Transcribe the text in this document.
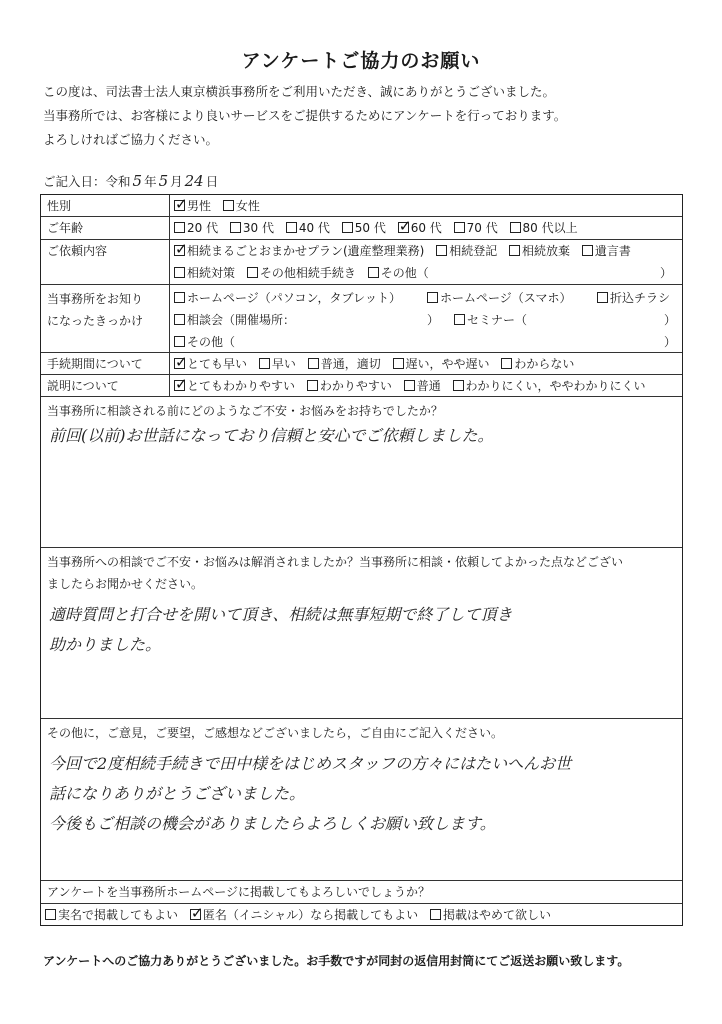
アンケートご協力のお願い
この度は、司法書士法人東京横浜事務所をご利用いただき、誠にありがとうございました。
当事務所では、お客様により良いサービスをご提供するためにアンケートを行っております。
よろしければご協力ください。
ご記入日：令和 5 年 5 月 24 日
性別 ✓	男性 女性
ご年齢	20 代 30 代 40 代 50 代 ✓ 60 代 70 代 80 代以上
ご依頼内容 ✓	相続まるごとおまかせプラン(遺産整理業務) 相続登記 相続放棄 遺言書
相続対策 その他相続手続き その他（	）
当事務所をお知り
になったきっかけ
ホームページ（パソコン，タブレット）	ホームページ（スマホ）	折込チラシ
相談会（開催場所：	）	セミナー（	）
その他（	）
手続期間について ✓	とても早い 早い 普通，適切 遅い，やや遅い わからない
説明について ✓	とてもわかりやすい わかりやすい 普通 わかりにくい，ややわかりにくい
当事務所に相談される前にどのようなご不安・お悩みをお持ちでしたか？
前回(以前)お世話になっており信頼と安心でご依頼しました。
当事務所への相談でご不安・お悩みは解消されましたか？当事務所に相談・依頼してよかった点などござい
ましたらお聞かせください。
適時質問と打合せを開いて頂き、相続は無事短期で終了して頂き
助かりました。
その他に，ご意見，ご要望，ご感想などございましたら，ご自由にご記入ください。
今回で2度相続手続きで田中様をはじめスタッフの方々にはたいへんお世
話になりありがとうございました。
今後もご相談の機会がありましたらよろしくお願い致します。
アンケートを当事務所ホームページに掲載してもよろしいでしょうか？
実名で掲載してもよい ✓ 匿名（イニシャル）なら掲載してもよい 掲載はやめて欲しい
アンケートへのご協力ありがとうございました。お手数ですが同封の返信用封筒にてご返送お願い致します。
